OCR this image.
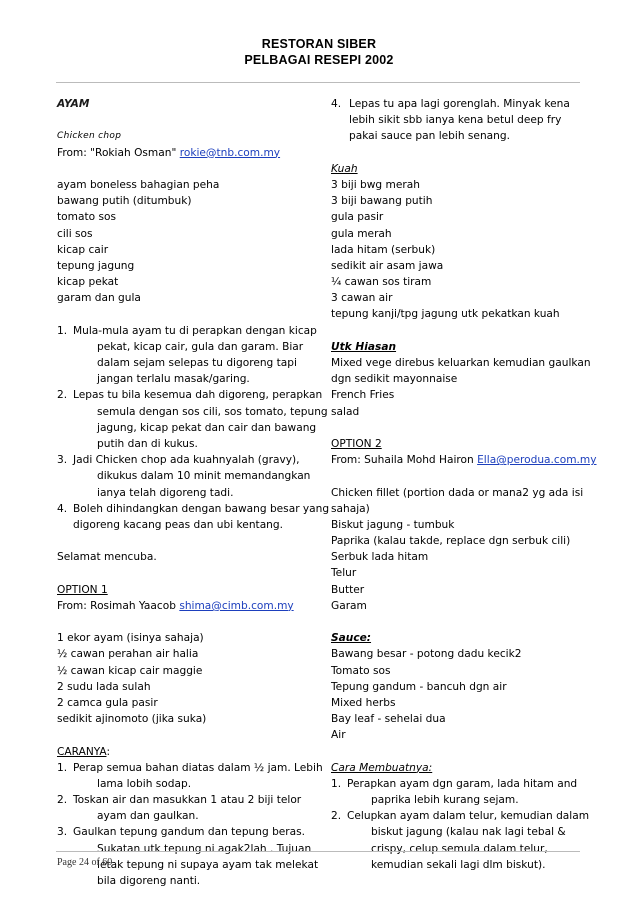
RESTORAN SIBER
PELBAGAI RESEPI 2002
AYAM
Chicken chop
From: "Rokiah Osman" rokie@tnb.com.my
ayam boneless bahagian peha
bawang putih (ditumbuk)
tomato sos
cili sos
kicap cair
tepung jagung
kicap pekat
garam dan gula
1. Mula-mula ayam tu di perapkan dengan kicap
pekat, kicap cair, gula dan garam. Biar
dalam sejam selepas tu digoreng tapi
jangan terlalu masak/garing.
2. Lepas tu bila kesemua dah digoreng, perapkan
semula dengan sos cili, sos tomato, tepung
jagung, kicap pekat dan cair dan bawang
putih dan di kukus.
3. Jadi Chicken chop ada kuahnyalah (gravy),
dikukus dalam 10 minit memandangkan
ianya telah digoreng tadi.
4. Boleh dihindangkan dengan bawang besar yang
digoreng kacang peas dan ubi kentang.
Selamat mencuba.
OPTION 1
From: Rosimah Yaacob shima@cimb.com.my
1 ekor ayam (isinya sahaja)
½ cawan perahan air halia
½ cawan kicap cair maggie
2 sudu lada sulah
2 camca gula pasir
sedikit ajinomoto (jika suka)
CARANYA:
1. Perap semua bahan diatas dalam ½ jam. Lebih
lama lobih sodap.
2. Toskan air dan masukkan 1 atau 2 biji telor
ayam dan gaulkan.
3. Gaulkan tepung gandum dan tepung beras.
Sukatan utk tepung ni agak2lah . Tujuan
letak tepung ni supaya ayam tak melekat
bila digoreng nanti.
4. Lepas tu apa lagi gorenglah. Minyak kena
lebih sikit sbb ianya kena betul deep fry
pakai sauce pan lebih senang.
Kuah
3 biji bwg merah
3 biji bawang putih
gula pasir
gula merah
lada hitam (serbuk)
sedikit air asam jawa
¼ cawan sos tiram
3 cawan air
tepung kanji/tpg jagung utk pekatkan kuah
Utk Hiasan
Mixed vege direbus keluarkan kemudian gaulkan
dgn sedikit mayonnaise
French Fries
salad
OPTION 2
From: Suhaila Mohd Hairon Ella@perodua.com.my
Chicken fillet (portion dada or mana2 yg ada isi
sahaja)
Biskut jagung - tumbuk
Paprika (kalau takde, replace dgn serbuk cili)
Serbuk lada hitam
Telur
Butter
Garam
Sauce:
Bawang besar - potong dadu kecik2
Tomato sos
Tepung gandum - bancuh dgn air
Mixed herbs
Bay leaf - sehelai dua
Air
Cara Membuatnya:
1. Perapkan ayam dgn garam, lada hitam and
paprika lebih kurang sejam.
2. Celupkan ayam dalam telur, kemudian dalam
biskut jagung (kalau nak lagi tebal &
crispy, celup semula dalam telur,
kemudian sekali lagi dlm biskut).
Page 24 of 60
